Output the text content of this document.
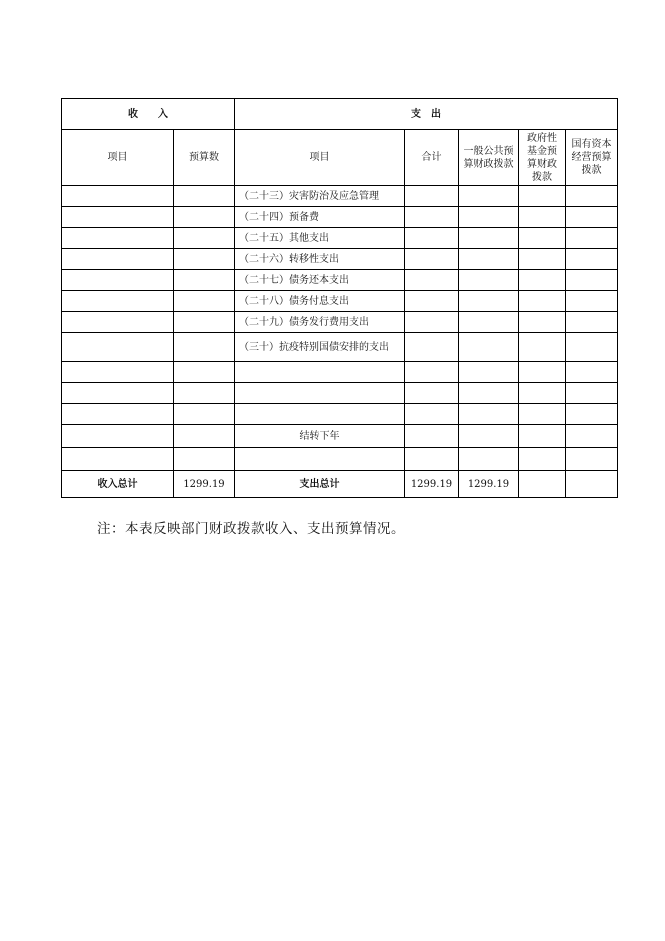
收　　入		支　出				
项目	预算数	项目	合计	一般公共预算财政拨款	政府性基金预算财政拨款	国有资本经营预算拨款
		（二十三）灾害防治及应急管理				
		（二十四）预备费				
		（二十五）其他支出				
		（二十六）转移性支出				
		（二十七）债务还本支出				
		（二十八）债务付息支出				
		（二十九）债务发行费用支出				
		（三十）抗疫特别国债安排的支出				

		结转下年				

收入总计	1299.19	支出总计	1299.19	1299.19		
注：本表反映部门财政拨款收入、支出预算情况。
